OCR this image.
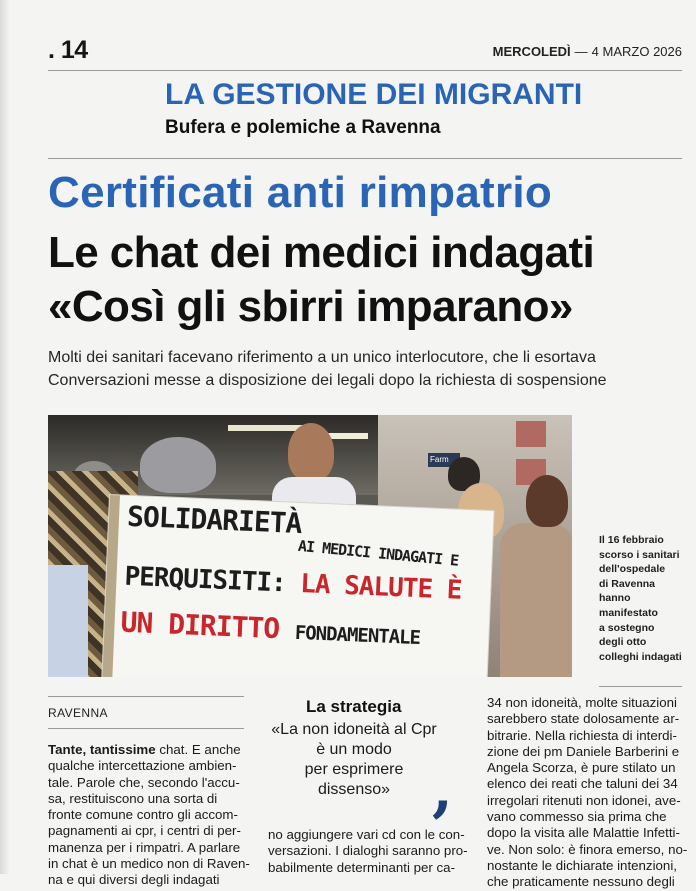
. 14	MERCOLEDÌ — 4 MARZO 2026
LA GESTIONE DEI MIGRANTI
Bufera e polemiche a Ravenna
Certificati anti rimpatrio
Le chat dei medici indagati
«Così gli sbirri imparano»
Molti dei sanitari facevano riferimento a un unico interlocutore, che li esortava
Conversazioni messe a disposizione dei legali dopo la richiesta di sospensione
Farm
SOLIDARIETÀ
AI MEDICI INDAGATI E
PERQUISITI: LA SALUTE È
UN DIRITTO FONDAMENTALE
Il 16 febbraio
scorso i sanitari
dell'ospedale
di Ravenna
hanno
manifestato
a sostegno
degli otto
colleghi indagati
RAVENNA
Tante, tantissime chat. E anche
qualche intercettazione ambien-
tale. Parole che, secondo l'accu-
sa, restituiscono una sorta di
fronte comune contro gli accom-
pagnamenti ai cpr, i centri di per-
manenza per i rimpatri. A parlare
in chat è un medico non di Raven-
na e qui diversi degli indagati
La strategia
«La non idoneità al Cpr
è un modo
per esprimere
dissenso» ,
no aggiungere vari cd con le con-
versazioni. I dialoghi saranno pro-
babilmente determinanti per ca-
34 non idoneità, molte situazioni
sarebbero state dolosamente ar-
bitrarie. Nella richiesta di interdi-
zione dei pm Daniele Barberini e
Angela Scorza, è pure stilato un
elenco dei reati che taluni dei 34
irregolari ritenuti non idonei, ave-
vano commesso sia prima che
dopo la visita alle Malattie Infetti-
ve. Non solo: è finora emerso, no-
nostante le dichiarate intenzioni,
che praticamente nessuno degli
